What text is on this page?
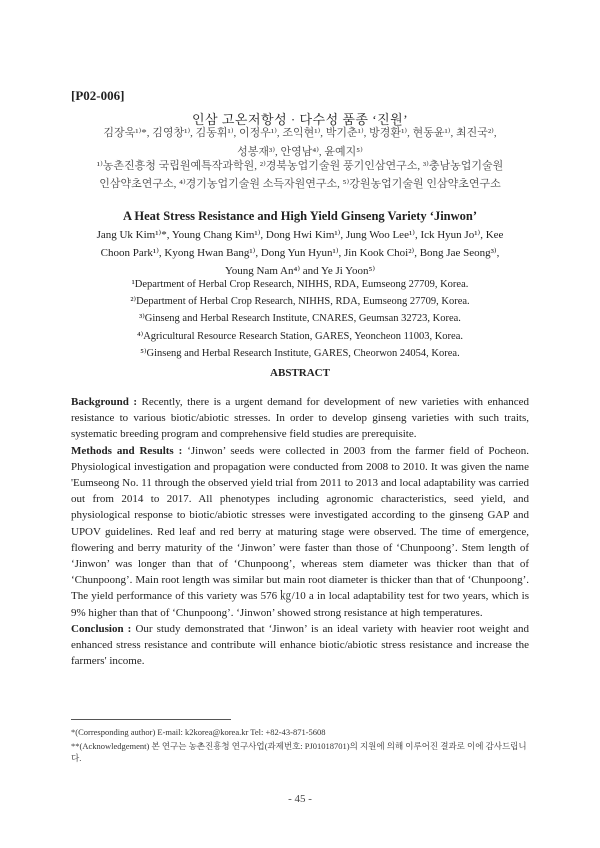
[P02-006]
인삼 고온저항성 · 다수성 품종 ‘진원’
김장욱¹⁾*, 김영창¹⁾, 김동휘¹⁾, 이정우¹⁾, 조익현¹⁾, 박기춘¹⁾, 방경환¹⁾, 현동윤¹⁾, 최진국²⁾,
성봉재³⁾, 안영남⁴⁾, 윤예지⁵⁾
¹⁾농촌진흥청 국립원예특작과학원, ²⁾경북농업기술원 풍기인삼연구소, ³⁾충남농업기술원
인삼약초연구소, ⁴⁾경기농업기술원 소득자원연구소, ⁵⁾강원농업기술원 인삼약초연구소
A Heat Stress Resistance and High Yield Ginseng Variety ‘Jinwon’
Jang Uk Kim¹⁾*, Young Chang Kim¹⁾, Dong Hwi Kim¹⁾, Jung Woo Lee¹⁾, Ick Hyun Jo¹⁾, Kee
Choon Park¹⁾, Kyong Hwan Bang¹⁾, Dong Yun Hyun¹⁾, Jin Kook Choi²⁾, Bong Jae Seong³⁾,
Young Nam An⁴⁾ and Ye Ji Yoon⁵⁾
¹Department of Herbal Crop Research, NIHHS, RDA, Eumseong 27709, Korea.
²⁾Department of Herbal Crop Research, NIHHS, RDA, Eumseong 27709, Korea.
³⁾Ginseng and Herbal Research Institute, CNARES, Geumsan 32723, Korea.
⁴⁾Agricultural Resource Research Station, GARES, Yeoncheon 11003, Korea.
⁵⁾Ginseng and Herbal Research Institute, GARES, Cheorwon 24054, Korea.
ABSTRACT

Background : Recently, there is a urgent demand for development of new varieties with enhanced resistance to various biotic/abiotic stresses. In order to develop ginseng varieties with such traits, systematic breeding program and comprehensive field studies are prerequisite.

Methods and Results : ‘Jinwon’ seeds were collected in 2003 from the farmer field of Pocheon. Physiological investigation and propagation were conducted from 2008 to 2010. It was given the name 'Eumseong No. 11 through the observed yield trial from 2011 to 2013 and local adaptability was carried out from 2014 to 2017. All phenotypes including agronomic characteristics, seed yield, and physiological response to biotic/abiotic stresses were investigated according to the ginseng GAP and UPOV guidelines. Red leaf and red berry at maturing stage were observed. The time of emergence, flowering and berry maturity of the ‘Jinwon’ were faster than those of ‘Chunpoong’. Stem length of ‘Jinwon’ was longer than that of ‘Chunpoong’, whereas stem diameter was thicker than that of ‘Chunpoong’. Main root length was similar but main root diameter is thicker than that of ‘Chunpoong’. The yield performance of this variety was 576 ㎏/10 a in local adaptability test for two years, which is 9% higher than that of ‘Chunpoong’. ‘Jinwon’ showed strong resistance at high temperatures.

Conclusion : Our study demonstrated that ‘Jinwon’ is an ideal variety with heavier root weight and enhanced stress resistance and contribute will enhance biotic/abiotic stress resistance and increase the farmers' income.

*(Corresponding author) E-mail: k2korea@korea.kr Tel: +82-43-871-5608
**(Acknowledgement) 본 연구는 농촌진흥청 연구사업(과제번호: PJ01018701)의 지원에 의해 이루어진 결과로 이에 감사드립니다.
- 45 -
